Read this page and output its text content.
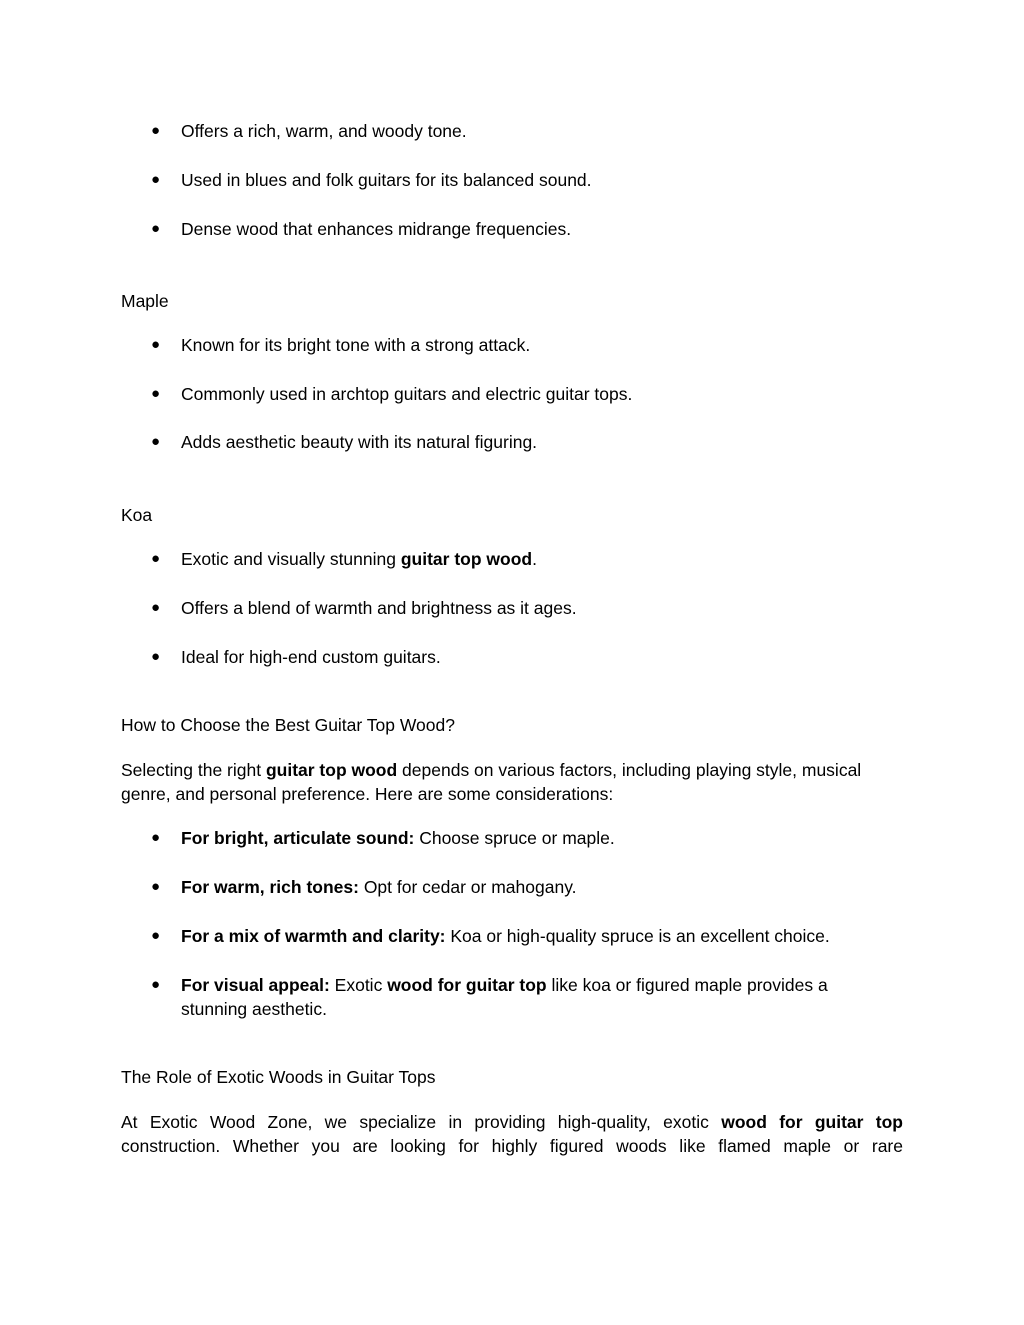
● Offers a rich, warm, and woody tone.
● Used in blues and folk guitars for its balanced sound.
● Dense wood that enhances midrange frequencies.
Maple
● Known for its bright tone with a strong attack.
● Commonly used in archtop guitars and electric guitar tops.
● Adds aesthetic beauty with its natural figuring.
Koa
● Exotic and visually stunning guitar top wood.
● Offers a blend of warmth and brightness as it ages.
● Ideal for high-end custom guitars.
How to Choose the Best Guitar Top Wood?
Selecting the right guitar top wood depends on various factors, including playing style, musical
genre, and personal preference. Here are some considerations:
● For bright, articulate sound: Choose spruce or maple.
● For warm, rich tones: Opt for cedar or mahogany.
● For a mix of warmth and clarity: Koa or high-quality spruce is an excellent choice.
● For visual appeal: Exotic wood for guitar top like koa or figured maple provides a
stunning aesthetic.
The Role of Exotic Woods in Guitar Tops
At Exotic Wood Zone, we specialize in providing high-quality, exotic wood for guitar top
construction. Whether you are looking for highly figured woods like flamed maple or rare
